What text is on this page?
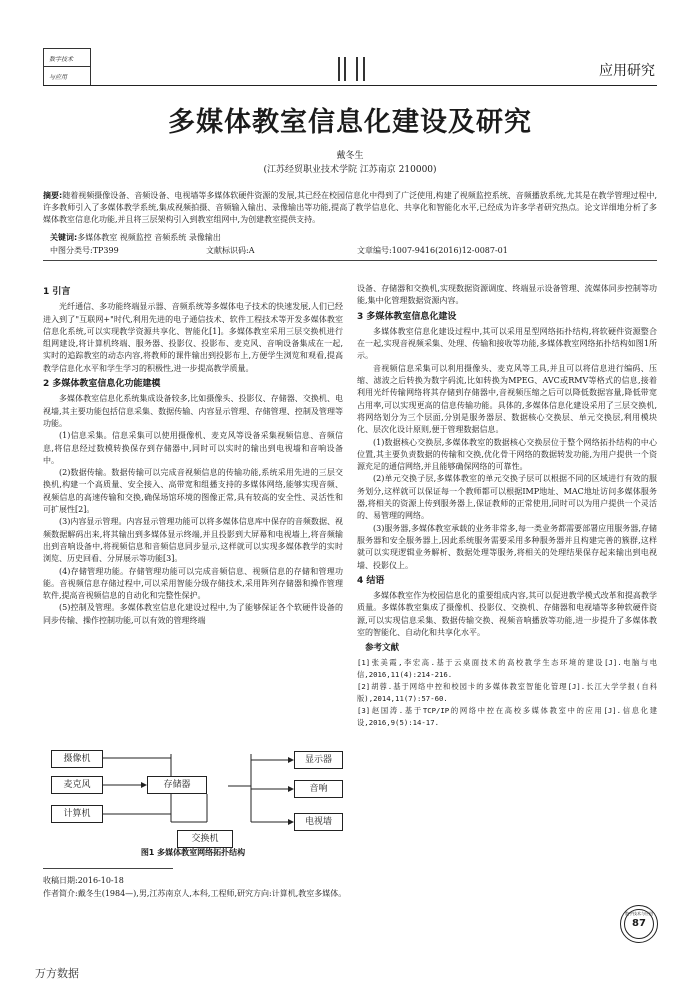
数字技术
与应用	应用研究
多媒体教室信息化建设及研究
戴冬生
(江苏经贸职业技术学院 江苏南京 210000)
摘要:随着视频摄像设备、音频设备、电视墙等多媒体软硬件资源的发展,其已经在校园信息化中得到了广泛使用,构建了视频监控系统、音频播放系统,尤其是在教学管理过程中,许多教师引入了多媒体教学系统,集成视频拍摄、音频输入输出、录像输出等功能,提高了教学信息化、共享化和智能化水平,已经成为许多学者研究热点。论文详细地分析了多媒体教室信息化功能,并且将三层架构引入到教室组网中,为创建教室提供支持。
关键词:多媒体教室 视频监控 音频系统 录像输出
中图分类号:TP399	文献标识码:A	文章编号:1007-9416(2016)12-0087-01
1 引言

光纤通信、多功能终端显示器、音频系统等多媒体电子技术的快速发展,人们已经进入到了"互联网+"时代,利用先进的电子通信技术、软件工程技术等开发多媒体教室信息化系统,可以实现教学资源共享化、智能化[1]。多媒体教室采用三层交换机进行组网建设,将计算机终端、服务器、投影仪、投影布、麦克风、音响设备集成在一起,实时的追踪教室的动态内容,将教师的课件输出到投影布上,方便学生浏览和观看,提高教学信息化水平和学生学习的积极性,进一步提高教学质量。

2 多媒体教室信息化功能建模

多媒体教室信息化系统集成设备较多,比如摄像头、投影仪、存储器、交换机、电视墙,其主要功能包括信息采集、数据传输、内容显示管理、存储管理、控制及管理等功能。

(1)信息采集。信息采集可以使用摄像机、麦克风等设备采集视频信息、音频信息,将信息经过数模转换保存到存储器中,同时可以实时的输出到电视墙和音响设备中。

(2)数据传输。数据传输可以完成音视频信息的传输功能,系统采用先进的三层交换机,构建一个高质量、安全接入、高带宽和组播支持的多媒体网络,能够实现音频、视频信息的高速传输和交换,确保场馆环境的图像正常,具有较高的安全性、灵活性和可扩展性[2]。

(3)内容显示管理。内容显示管理功能可以将多媒体信息库中保存的音频数据、视频数据解码出来,将其输出到多媒体显示终端,并且投影到大屏幕和电视墙上,将音频输出到音响设备中,将视频信息和音频信息同步显示,这样就可以实现多媒体教学的实时浏览、历史回看、分屏展示等功能[3]。

(4)存储管理功能。存储管理功能可以完成音频信息、视频信息的存储和管理功能。音视频信息存储过程中,可以采用智能分级存储技术,采用阵列存储器和操作管理软件,提高音视频信息的自动化和完整性保护。

(5)控制及管理。多媒体教室信息化建设过程中,为了能够保证各个软硬件设备的同步传输、操作控制功能,可以有效的管理终端

摄像机
麦克风
计算机
存储器
交换机
显示器
音响
电视墙
图1 多媒体教室网络拓扑结构

设备、存储器和交换机,实现数据资源调度、终端显示设备管理、流媒体同步控制等功能,集中化管理数据资源内容。

3 多媒体教室信息化建设

多媒体教室信息化建设过程中,其可以采用星型网络拓扑结构,将软硬件资源整合在一起,实现音视频采集、处理、传输和接收等功能,多媒体教室网络拓扑结构如图1所示。

音视频信息采集可以利用摄像头、麦克风等工具,并且可以将信息进行编码、压缩、滤波之后转换为数字码流,比如转换为MPEG、AVC或RMV等格式的信息,接着利用光纤传输网络将其存储到存储器中,音视频压缩之后可以降低数据容量,降低带宽占用率,可以实现更高的信息传输功能。具体的,多媒体信息化建设采用了三层交换机,将网络划分为三个层面,分别是服务器层、数据核心交换层、单元交换层,利用模块化、层次化设计原则,便于管理数据信息。

(1)数据核心交换层,多媒体教室的数据核心交换层位于整个网络拓扑结构的中心位置,其主要负责数据的传输和交换,优化骨干网络的数据转发功能,为用户提供一个资源充足的通信网络,并且能够确保网络的可靠性。

(2)单元交换子层,多媒体教室的单元交换子层可以根据不同的区域进行有效的服务划分,这样就可以保证每一个教师都可以根据IMP地址、MAC地址访问多媒体服务器,将相关的资源上传到服务器上,保证教师的正常使用,同时可以为用户提供一个灵活的、易管理的网络。

(3)服务器,多媒体教室承载的业务非常多,每一类业务都需要部署应用服务器,存储服务器和安全服务器上,因此系统服务需要采用多种服务器并且构建完善的簇群,这样就可以实现逻辑业务解析、数据处理等服务,将相关的处理结果保存起来输出到电视墙、投影仪上。

4 结语

多媒体教室作为校园信息化的重要组成内容,其可以促进教学模式改革和提高教学质量。多媒体教室集成了摄像机、投影仪、交换机、存储器和电视墙等多种软硬件资源,可以实现信息采集、数据传输交换、视频音响播放等功能,进一步提升了多媒体教室的智能化、自动化和共享化水平。

参考文献

[1]张美霞,李宏高.基于云桌面技术的高校教学生态环境的建设[J].电脑与电信,2016,11(4):214-216.

[2]胡蓉.基于网络中控和校园卡的多媒体教室智能化管理[J].长江大学学报(自科版),2014,11(7):57-60.

[3]赵国涛.基于TCP/IP的网络中控在高校多媒体教室中的应用[J].信息化建设,2016,9(5):14-17.

收稿日期:2016-10-18
作者简介:戴冬生(1984—),男,江苏南京人,本科,工程师,研究方向:计算机,教室多媒体。
数字技术与应用
87
万方数据
